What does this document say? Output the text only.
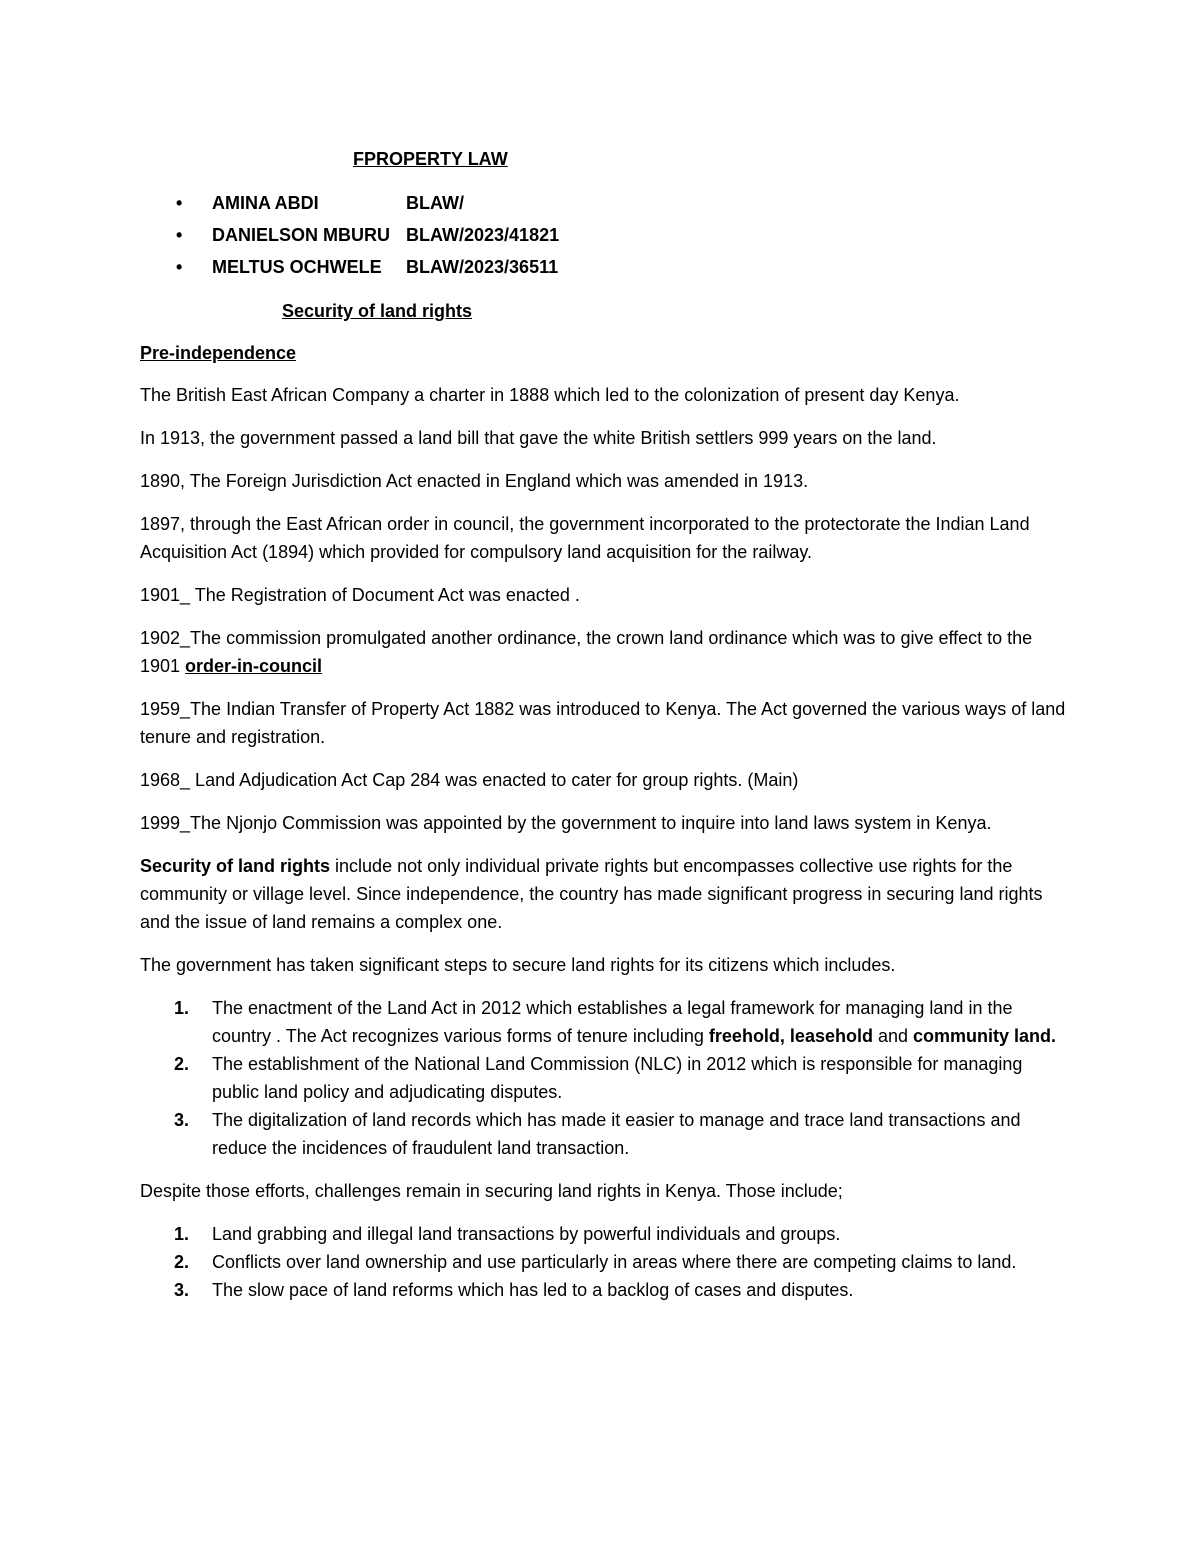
FPROPERTY LAW
• AMINA ABDI	BLAW/
• DANIELSON MBURU BLAW/2023/41821
• MELTUS OCHWELE BLAW/2023/36511
Security of land rights
Pre-independence

The British East African Company a charter in 1888 which led to the colonization of present day Kenya.

In 1913, the government passed a land bill that gave the white British settlers 999 years on the land.

1890, The Foreign Jurisdiction Act enacted in England which was amended in 1913.

1897, through the East African order in council, the government incorporated to the protectorate the Indian Land Acquisition Act (1894) which provided for compulsory land acquisition for the railway.

1901_ The Registration of Document Act was enacted .

1902_The commission promulgated another ordinance, the crown land ordinance which was to give effect to the 1901 order-in-council

1959_The Indian Transfer of Property Act 1882 was introduced to Kenya. The Act governed the various ways of land tenure and registration.

1968_ Land Adjudication Act Cap 284 was enacted to cater for group rights. (Main)

1999_The Njonjo Commission was appointed by the government to inquire into land laws system in Kenya.

Security of land rights include not only individual private rights but encompasses collective use rights for the community or village level. Since independence, the country has made significant progress in securing land rights and the issue of land remains a complex one.

The government has taken significant steps to secure land rights for its citizens which includes.

1. The enactment of the Land Act in 2012 which establishes a legal framework for managing land in the country . The Act recognizes various forms of tenure including freehold, leasehold and community land.
2. The establishment of the National Land Commission (NLC) in 2012 which is responsible for managing public land policy and adjudicating disputes.
3. The digitalization of land records which has made it easier to manage and trace land transactions and reduce the incidences of fraudulent land transaction.

Despite those efforts, challenges remain in securing land rights in Kenya. Those include;

1. Land grabbing and illegal land transactions by powerful individuals and groups.
2. Conflicts over land ownership and use particularly in areas where there are competing claims to land.
3. The slow pace of land reforms which has led to a backlog of cases and disputes.
